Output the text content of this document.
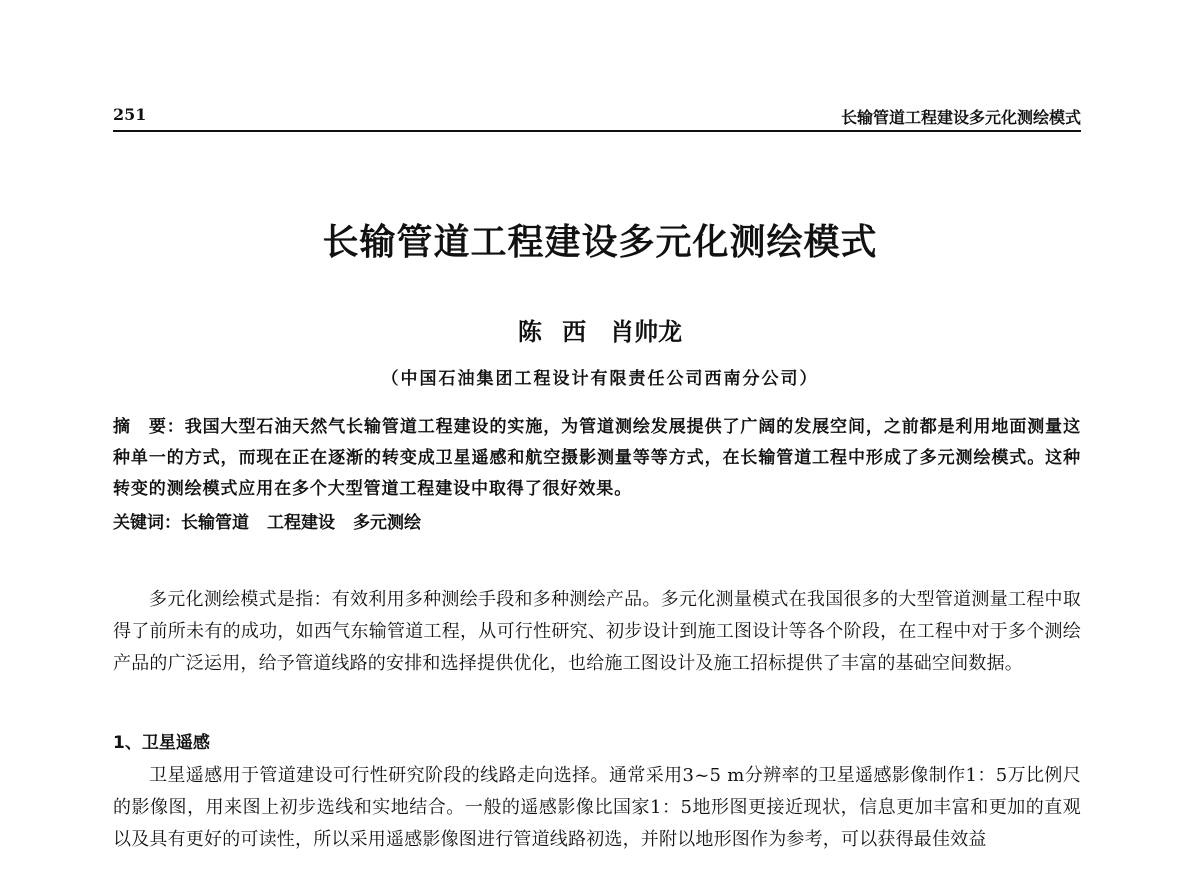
251	长输管道工程建设多元化测绘模式
长输管道工程建设多元化测绘模式
陈 西　肖帅龙
（中国石油集团工程设计有限责任公司西南分公司）

摘　要：我国大型石油天然气长输管道工程建设的实施，为管道测绘发展提供了广阔的发展空间，之前都是利用地面测量这种单一的方式，而现在正在逐渐的转变成卫星遥感和航空摄影测量等等方式，在长输管道工程中形成了多元测绘模式。这种转变的测绘模式应用在多个大型管道工程建设中取得了很好效果。

关键词：长输管道 工程建设 多元测绘

多元化测绘模式是指：有效利用多种测绘手段和多种测绘产品。多元化测量模式在我国很多的大型管道测量工程中取得了前所未有的成功，如西气东输管道工程，从可行性研究、初步设计到施工图设计等各个阶段，在工程中对于多个测绘产品的广泛运用，给予管道线路的安排和选择提供优化，也给施工图设计及施工招标提供了丰富的基础空间数据。

1、卫星遥感

卫星遥感用于管道建设可行性研究阶段的线路走向选择。通常采用3~5 m分辨率的卫星遥感影像制作1：5万比例尺的影像图，用来图上初步选线和实地结合。一般的遥感影像比国家1：5地形图更接近现状，信息更加丰富和更加的直观以及具有更好的可读性，所以采用遥感影像图进行管道线路初选，并附以地形图作为参考，可以获得最佳效益
